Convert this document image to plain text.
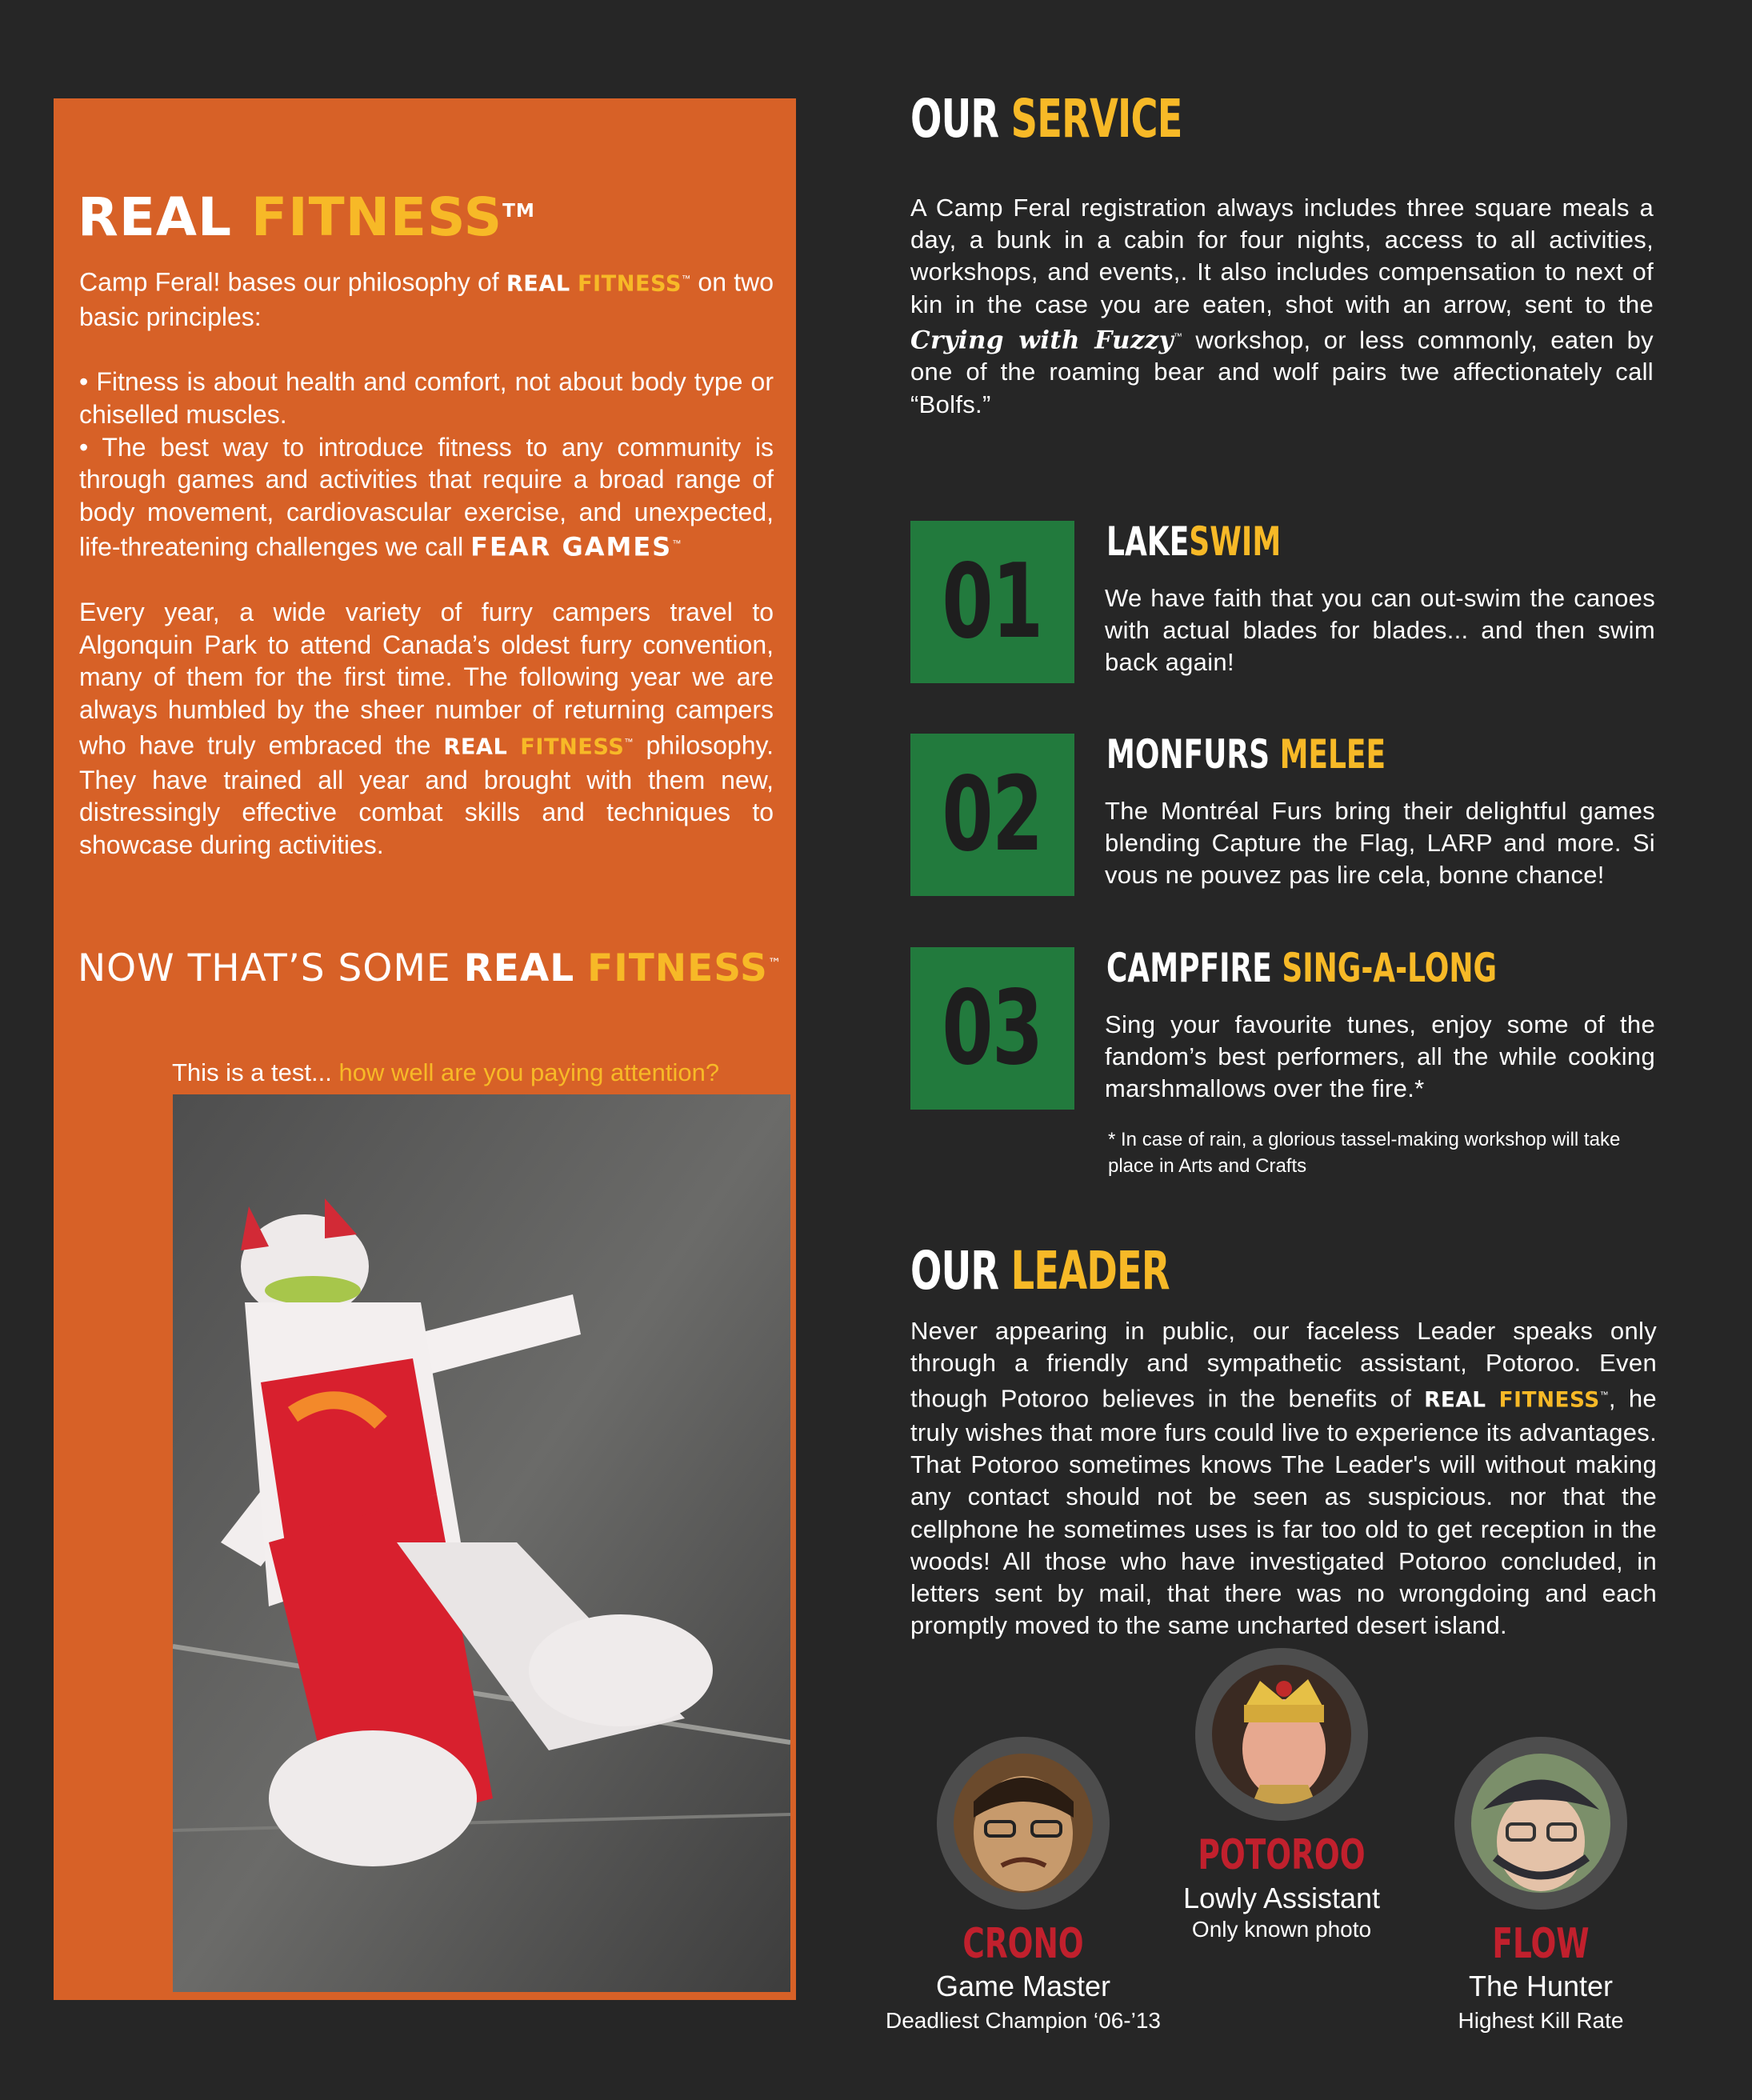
REAL FITNESS™

Camp Feral! bases our philosophy of REAL FITNESS™ on two basic principles:

• Fitness is about health and comfort, not about body type or chiselled muscles.

• The best way to introduce fitness to any community is through games and activities that require a broad range of body movement, cardiovascular exercise, and unexpected, life-threatening challenges we call FEAR GAMES™

Every year, a wide variety of furry campers travel to Algonquin Park to attend Canada’s oldest furry convention, many of them for the first time. The following year we are always humbled by the sheer number of returning campers who have truly embraced the REAL FITNESS™ philosophy. They have trained all year and brought with them new, distressingly effective combat skills and techniques to showcase during activities.

NOW THAT’S SOME REAL FITNESS™
This is a test... how well are you paying attention?
OUR SERVICE

A Camp Feral registration always includes three square meals a day, a bunk in a cabin for four nights, access to all activities, workshops, and events,. It also includes compensation to next of kin in the case you are eaten, shot with an arrow, sent to the Crying with Fuzzy™ workshop, or less commonly, eaten by one of the roaming bear and wolf pairs twe affectionately call “Bolfs.”

01
LAKESWIM

We have faith that you can out-swim the canoes with actual blades for blades... and then swim back again!

02
MONFURS MELEE

The Montréal Furs bring their delightful games blending Capture the Flag, LARP and more. Si vous ne pouvez pas lire cela, bonne chance!

03
CAMPFIRE SING-A-LONG

Sing your favourite tunes, enjoy some of the fandom’s best performers, all the while cooking marshmallows over the fire.*

* In case of rain, a glorious tassel-making workshop will take place in Arts and Crafts

OUR LEADER

Never appearing in public, our faceless Leader speaks only through a friendly and sympathetic assistant, Potoroo. Even though Potoroo believes in the benefits of REAL FITNESS™, he truly wishes that more furs could live to experience its advantages. That Potoroo sometimes knows The Leader's will without making any contact should not be seen as suspicious. nor that the cellphone he sometimes uses is far too old to get reception in the woods! All those who have investigated Potoroo concluded, in letters sent by mail, that there was no wrongdoing and each promptly moved to the same uncharted desert island.

CRONO
Game Master
Deadliest Champion ‘06-’13
POTOROO
Lowly Assistant
Only known photo	FLOW
The Hunter
Highest Kill Rate
